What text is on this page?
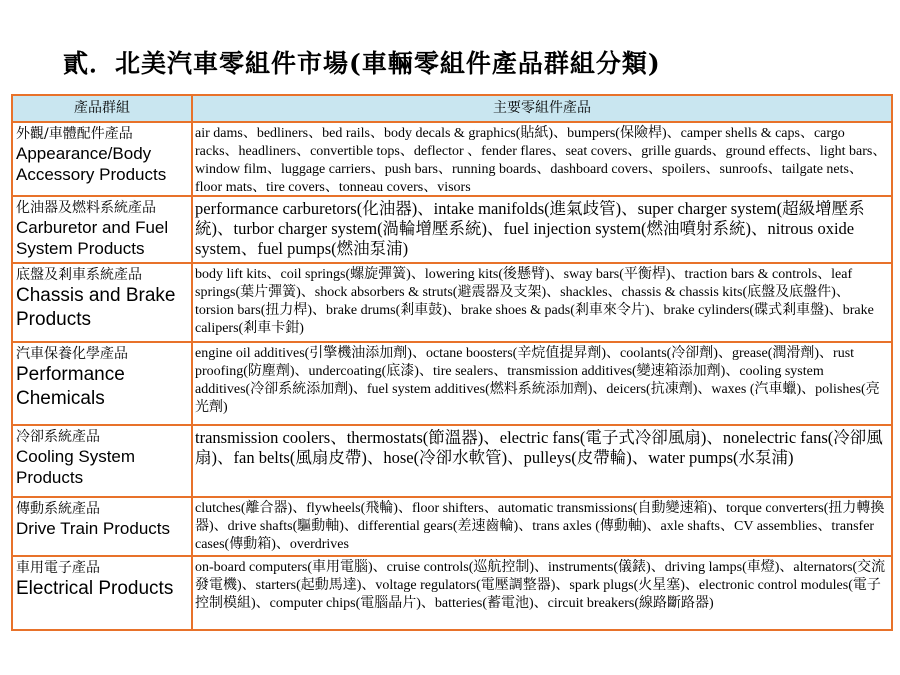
貳．北美汽車零組件市場(車輛零組件產品群組分類)
產品群組	主要零組件產品
外觀/車體配件產品
Appearance/Body Accessory Products
air dams、bedliners、bed rails、body decals & graphics(貼紙)、bumpers(保險桿)、camper shells & caps、cargo racks、headliners、convertible tops、deflector 、fender flares、seat covers、grille guards、ground effects、light bars、window film、luggage carriers、push bars、running boards、dashboard covers、spoilers、sunroofs、tailgate nets、floor mats、tire covers、tonneau covers、visors
化油器及燃料系統產品
Carburetor and Fuel System Products
performance carburetors(化油器)、intake manifolds(進氣歧管)、super charger system(超級增壓系統)、turbor charger system(渦輪增壓系統)、fuel injection system(燃油噴射系統)、nitrous oxide system、fuel pumps(燃油泵浦)
底盤及剎車系統產品
Chassis and Brake Products
body lift kits、coil springs(螺旋彈簧)、lowering kits(後懸臂)、sway bars(平衡桿)、traction bars & controls、leaf springs(葉片彈簧)、shock absorbers & struts(避震器及支架)、shackles、chassis & chassis kits(底盤及底盤件)、torsion bars(扭力桿)、brake drums(剎車鼓)、brake shoes & pads(剎車來令片)、brake cylinders(碟式剎車盤)、brake calipers(剎車卡鉗)
汽車保養化學產品
Performance Chemicals
engine oil additives(引擎機油添加劑)、octane boosters(辛烷值提昇劑)、coolants(冷卻劑)、grease(潤滑劑)、rust proofing(防塵劑)、undercoating(底漆)、tire sealers、transmission additives(變速箱添加劑)、cooling system additives(冷卻系統添加劑)、fuel system additives(燃料系統添加劑)、deicers(抗凍劑)、waxes (汽車蠟)、polishes(亮光劑)
冷卻系統產品
Cooling System Products
transmission coolers、thermostats(節溫器)、electric fans(電子式冷卻風扇)、nonelectric fans(冷卻風扇)、fan belts(風扇皮帶)、hose(冷卻水軟管)、pulleys(皮帶輪)、water pumps(水泵浦)
傳動系統產品
Drive Train Products
clutches(離合器)、flywheels(飛輪)、floor shifters、automatic transmissions(自動變速箱)、torque converters(扭力轉換器)、drive shafts(驅動軸)、differential gears(差速齒輪)、trans axles (傳動軸)、axle shafts、CV assemblies、transfer cases(傳動箱)、overdrives
車用電子產品
Electrical Products
on-board computers(車用電腦)、cruise controls(巡航控制)、instruments(儀錶)、driving lamps(車燈)、alternators(交流發電機)、starters(起動馬達)、voltage regulators(電壓調整器)、spark plugs(火星塞)、electronic control modules(電子控制模組)、computer chips(電腦晶片)、batteries(蓄電池)、circuit breakers(線路斷路器)
